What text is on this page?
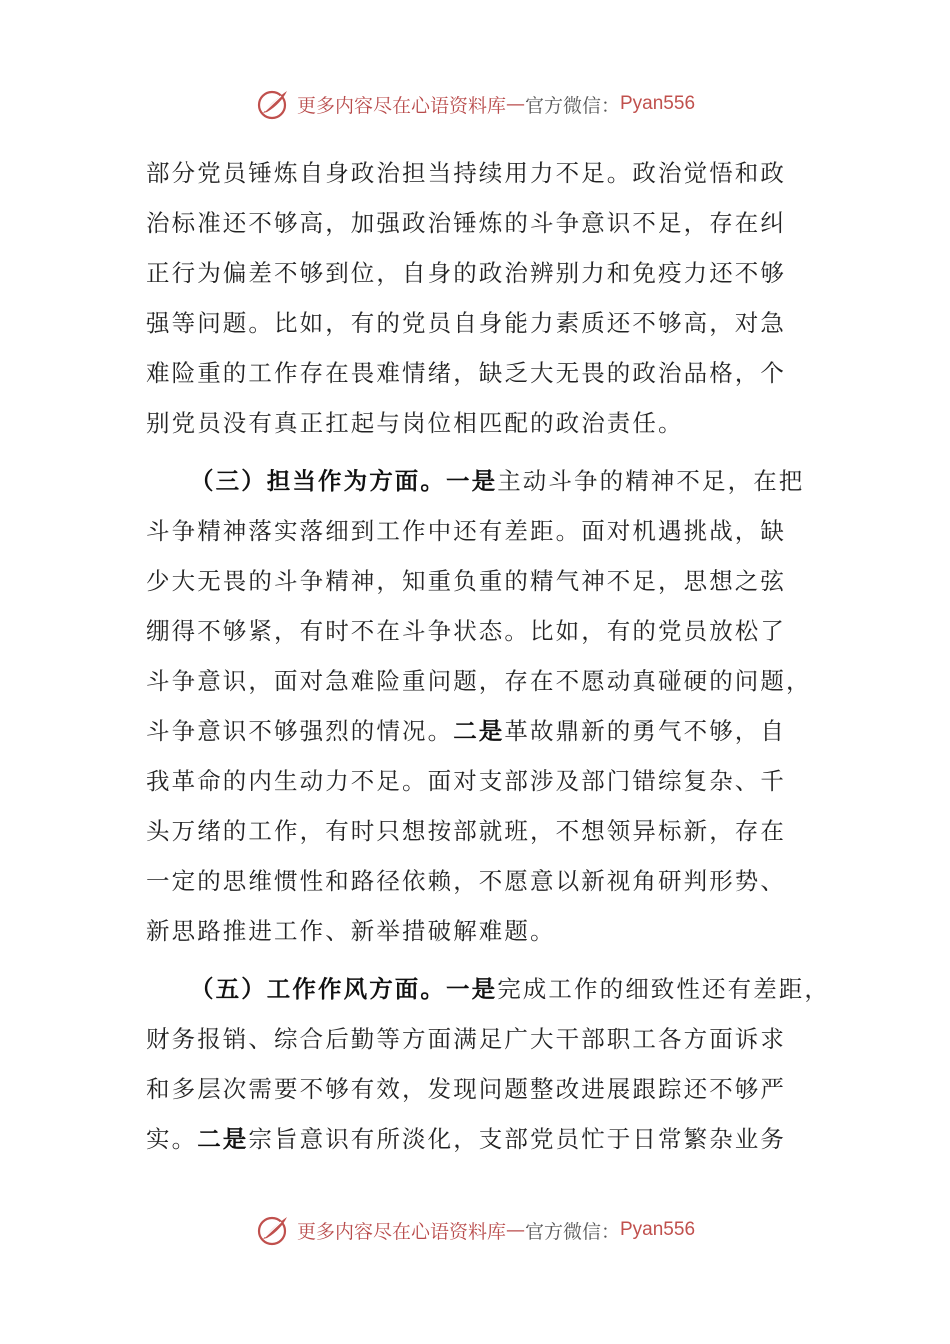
更多内容尽在心语资料库 — 官方微信： Pyan556
部分党员锤炼自身政治担当持续用力不足。政治觉悟和政
治标准还不够高，加强政治锤炼的斗争意识不足，存在纠
正行为偏差不够到位，自身的政治辨别力和免疫力还不够
强等问题。比如，有的党员自身能力素质还不够高，对急
难险重的工作存在畏难情绪，缺乏大无畏的政治品格，个
别党员没有真正扛起与岗位相匹配的政治责任。
（三）担当作为方面。一是主动斗争的精神不足，在把
斗争精神落实落细到工作中还有差距。面对机遇挑战，缺
少大无畏的斗争精神，知重负重的精气神不足，思想之弦
绷得不够紧，有时不在斗争状态。比如，有的党员放松了
斗争意识，面对急难险重问题，存在不愿动真碰硬的问题，
斗争意识不够强烈的情况。二是革故鼎新的勇气不够，自
我革命的内生动力不足。面对支部涉及部门错综复杂、千
头万绪的工作，有时只想按部就班，不想领异标新，存在
一定的思维惯性和路径依赖，不愿意以新视角研判形势、
新思路推进工作、新举措破解难题。
（五）工作作风方面。一是完成工作的细致性还有差距，
财务报销、综合后勤等方面满足广大干部职工各方面诉求
和多层次需要不够有效，发现问题整改进展跟踪还不够严
实。二是宗旨意识有所淡化，支部党员忙于日常繁杂业务
更多内容尽在心语资料库 — 官方微信： Pyan556
